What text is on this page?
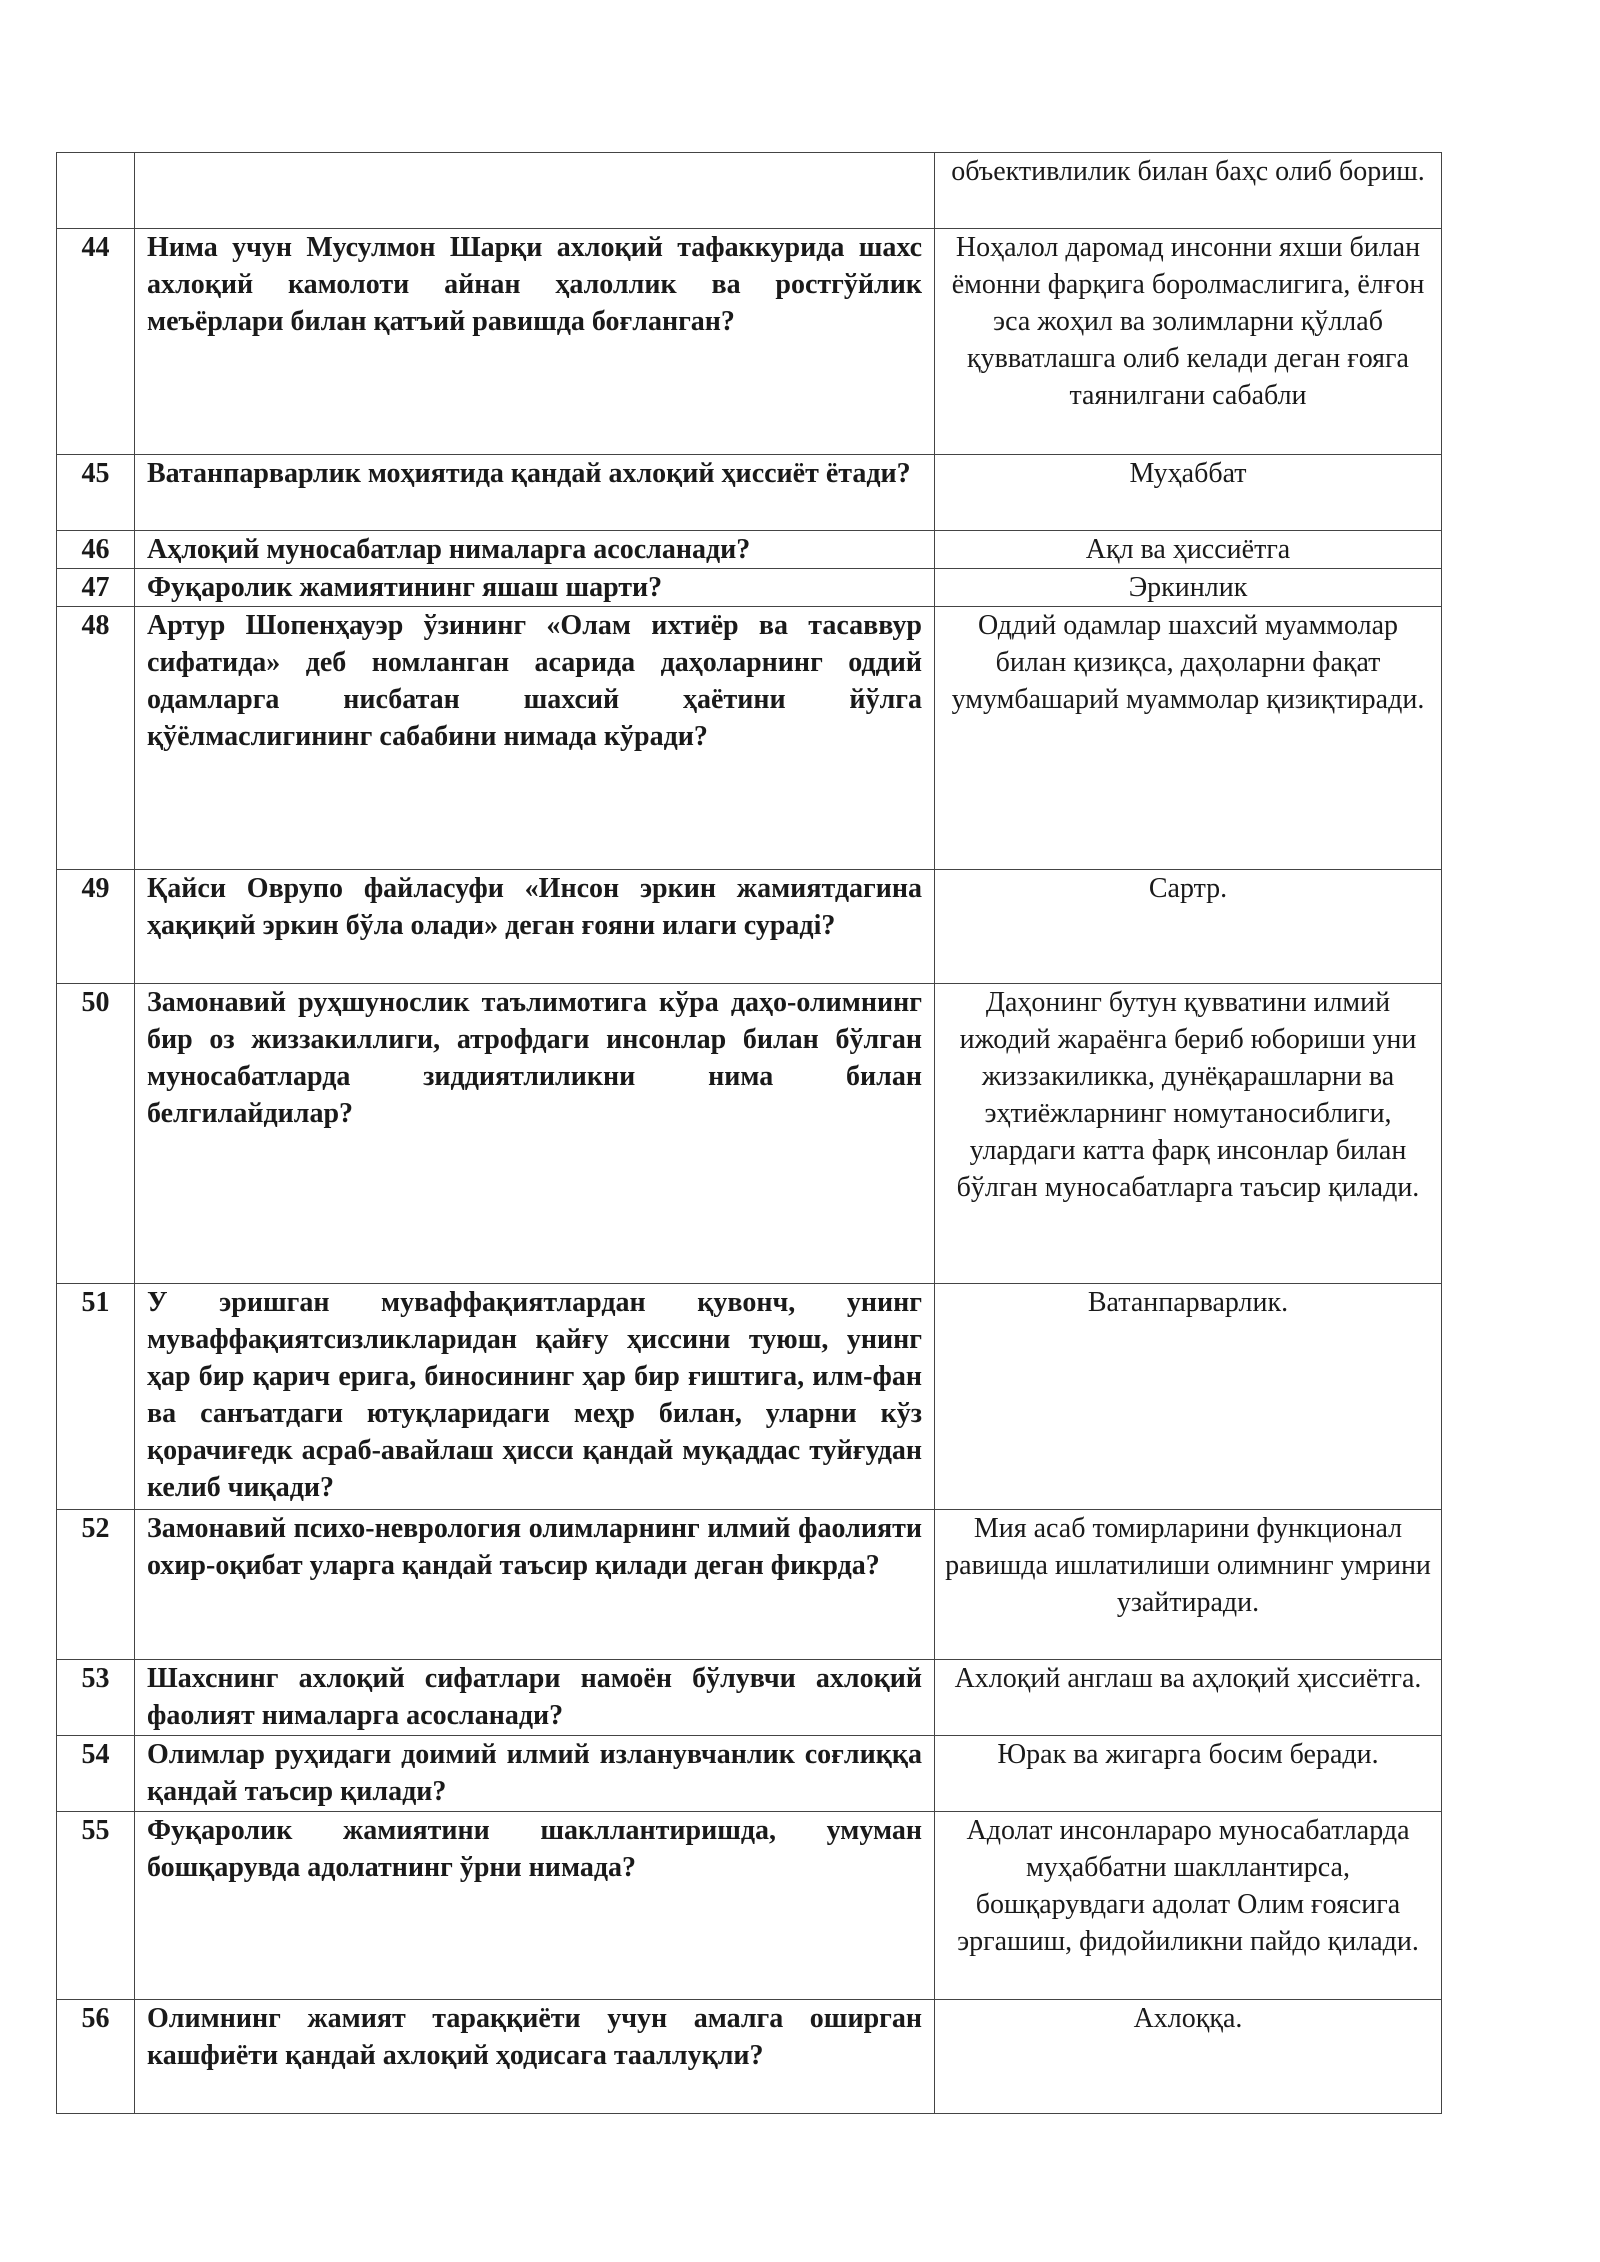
		объективлилик билан баҳс олиб бориш.
44	Нима учун Мусулмон Шарқи ахлоқий тафаккурида шахс ахлоқий камолоти айнан ҳалоллик ва ростгўйлик меъёрлари билан қатъий равишда боғланган?	Ноҳалол даромад инсонни яхши билан ёмонни фарқига боролмаслигига, ёлғон эса жоҳил ва золимларни қўллаб қувватлашга олиб келади деган ғояга таянилгани сабабли
45	Ватанпарварлик моҳиятида қандай ахлоқий ҳиссиёт ётади?	Муҳаббат
46	Аҳлоқий муносабатлар нималарга асосланади?	Ақл ва ҳиссиётга
47	Фуқаролик жамиятининг яшаш шарти?	Эркинлик
48	Артур Шопенҳауэр ўзининг «Олам ихтиёр ва тасаввур сифатида» деб номланган асарида даҳоларнинг оддий одамларга нисбатан шахсий ҳаётини йўлга қўёлмаслигининг сабабини нимада кўради?	Оддий одамлар шахсий муаммолар билан қизиқса, даҳоларни фақат умумбашарий муаммолар қизиқтиради.
49	Қайси Оврупо файласуфи «Инсон эркин жамиятдагина ҳақиқий эркин бўла олади» деган ғояни илаги сурадi?	Сартр.
50	Замонавий руҳшунослик таълимотига кўра даҳо-олимнинг бир оз жиззакиллиги, атрофдаги инсонлар билан бўлган муносабатларда зиддиятлиликни нима билан белгилайдилар?	Даҳонинг бутун қувватини илмий ижодий жараёнга бериб юбориши уни жиззакиликка, дунёқарашларни ва эҳтиёжларнинг номутаносиблиги, улардаги катта фарқ инсонлар билан бўлган муносабатларга таъсир қилади.
51	У эришган муваффақиятлардан қувонч, унинг муваффақиятсизликларидан қайғу ҳиссини туюш, унинг ҳар бир қарич ерига, биносининг ҳар бир ғиштига, илм-фан ва санъатдаги ютуқларидаги меҳр билан, уларни кўз қорачиғедк асраб-авайлаш ҳисси қандай муқаддас туйғудан келиб чиқади?	Ватанпарварлик.
52	Замонавий психо-неврология олимларнинг илмий фаолияти охир-оқибат уларга қандай таъсир қилади деган фикрда?	Мия асаб томирларини функционал равишда ишлатилиши олимнинг умрини узайтиради.
53	Шахснинг ахлоқий сифатлари намоён бўлувчи ахлоқий фаолият нималарга асосланади?	Ахлоқий англаш ва аҳлоқий ҳиссиётга.
54	Олимлар руҳидаги доимий илмий изланувчанлик соғлиққа қандай таъсир қилади?	Юрак ва жигарга босим беради.
55	Фуқаролик жамиятини шакллантиришда, умуман бошқарувда адолатнинг ўрни нимада?	Адолат инсонлараро муносабатларда муҳаббатни шакллантирса, бошқарувдаги адолат Олим ғоясига эргашиш, фидойиликни пайдо қилади.
56	Олимнинг жамият тараққиёти учун амалга оширган кашфиёти қандай ахлоқий ҳодисага тааллуқли?	Ахлоққа.
